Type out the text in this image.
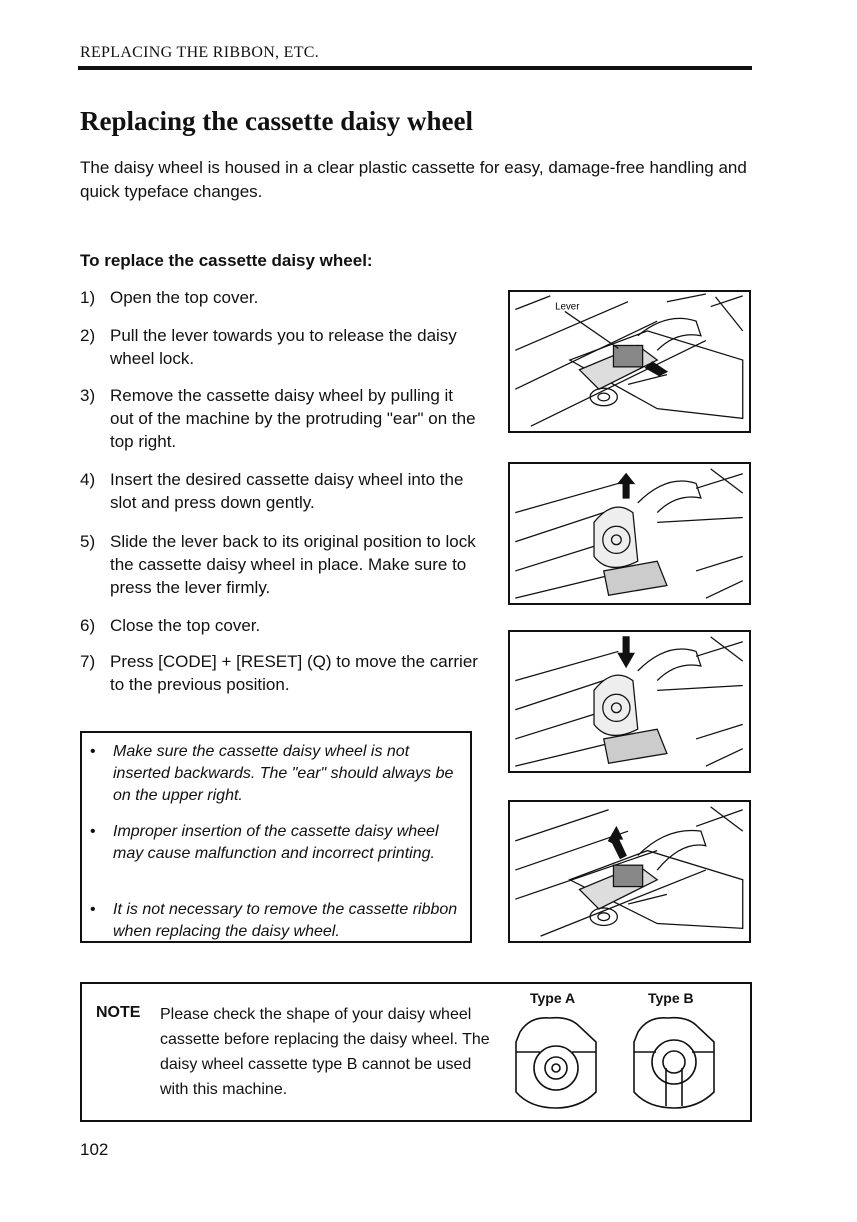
REPLACING THE RIBBON, ETC.
Replacing the cassette daisy wheel
The daisy wheel is housed in a clear plastic cassette for easy, damage-free handling and quick typeface changes.
To replace the cassette daisy wheel:
1) Open the top cover.
2) Pull the lever towards you to release the daisy wheel lock.
3) Remove the cassette daisy wheel by pulling it out of the machine by the protruding "ear" on the top right.
4) Insert the desired cassette daisy wheel into the slot and press down gently.
5) Slide the lever back to its original position to lock the cassette daisy wheel in place. Make sure to press the lever firmly.
6) Close the top cover.
7) Press [CODE] + [RESET] (Q) to move the carrier to the previous position.
• Make sure the cassette daisy wheel is not inserted backwards. The "ear" should always be on the upper right.
• Improper insertion of the cassette daisy wheel may cause malfunction and incorrect printing.
• It is not necessary to remove the cassette ribbon when replacing the daisy wheel.
Lever
NOTE Please check the shape of your daisy wheel cassette before replacing the daisy wheel. The daisy wheel cassette type B cannot be used with this machine.
Type A	Type B
102
